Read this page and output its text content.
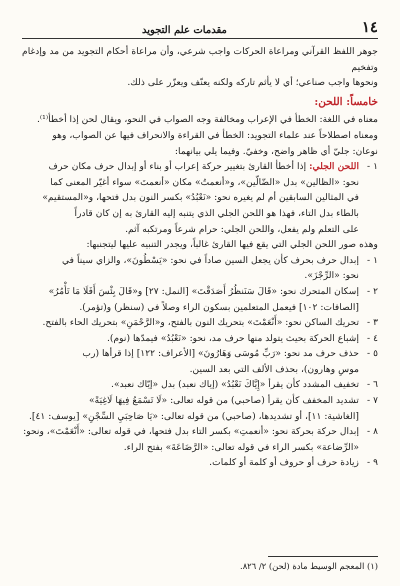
١٤
مقدمات علم التجويد

جوهر اللفظ القرآني ومراعاة الحركات واجب شرعي، وأن مراعاة أحكام التجويد من مد وإدغام وتفخيم

ونحوها واجب صناعي؛ أي لا يأثم تاركه ولكنه يعنّف ويعزّر على ذلك.

خامساً: اللحن:

معناه في اللغة: الخطأ في الإعراب ومخالفة وجه الصواب في النحو، ويقال لحن إذا أخطأ⁽¹⁾.

ومعناه اصطلاحاً عند علماء التجويد: الخطأ في القراءة والانحراف فيها عن الصواب، وهو

نوعان: جليّ أي ظاهر واضح، وخفيّ. وفيما يلي بيانهما:

١ -

اللحن الجلي: إذا أخطأ القارئ بتغيير حركة إعراب أو بناء أو إبدال حرف مكان حرف

نحو: «الظالين» بدل «الضّالّين»، و«أنعمتُ» مكان «أنعمتَ» سواء أغيّر المعنى كما

في المثالين السابقين أم لم يغيره نحو: «نَعْبُدُ» بكسر النون بدل فتحها، و«المستقيم»

بالطاء بدل التاء، فهذا هو اللحن الجلي الذي يتنبه إليه القارئ به إن كان قادراً

على التعلم ولم يفعل، واللحن الجلي: حرام شرعاً ومرتكبه آثم.

وهذه صور اللحن الجلي التي يقع فيها القارئ غالباً، ويجدر التنبيه عليها ليتجنبها:

١ -

إبدال حرف بحرف كأن يجعل السين صاداً في نحو: «يَسْطُونَ»، والزاي سيناً في

نحو: «الرِّجْزَ».

٢ -

إسكان المتحرك نحو: «قَالَ سَنَنظُرُ أَصَدَقْتَ» [النمل: ٢٧] و«قَالَ بِئْسَ أَفَلَا مَا تَأْمُرُ»

[الصافات: ١٠٢] فيعمل المتعلمين بسكون الراء وصلاً في (سنظر) و(تؤمر).

٣ -

تحريك الساكن نحو: «أَنْعَمْتَ» بتحريك النون بالفتح، و«الرَّحْمَنِ» بتحريك الحاء بالفتح.

٤ -

إشباع الحركة بحيث يتولد منها حرف مد، نحو: «نَعْبُدُ» فيمدّها (نوم).

٥ -

حذف حرف مد نحو: «رَبِّ مُوسَى وَهَارُونَ» [الأعراف: ١٢٢] إذا قرأها (رب

موسِ وهارون)، بحذف الألف التي بعد السين.

٦ -

تخفيف المشدد كأن يقرأ «إِيَّاكَ نَعْبُدُ» (إياك نعبد) بدل «إيّاك نعبد».

٧ -

تشديد المخفف كأن يقرأ (صاحبي) من قوله تعالى: «لَا تَسْمَعُ فِيهَا لَاغِيَةً»

[الغاشية: ١١]، أو تشديدها، (صاحبي) من قوله تعالى: «يَا صَاحِبَيِ السِّجْنِ» [يوسف: ٤١].

٨ -

إبدال حركة بحركة نحو: «أنعمتِ» بكسر التاء بدل فتحها، في قوله تعالى: «أَنْعَمْتَ»، ونحو:

«الرِّضاعة» بكسر الراء في قوله تعالى: «الرَّضَاعَةَ» بفتح الراء.

٩ -

زيادة حرف أو حروف أو كلمة أو كلمات.

(١) المعجم الوسيط مادة (لحن) ٢/ ٨٢٦.
